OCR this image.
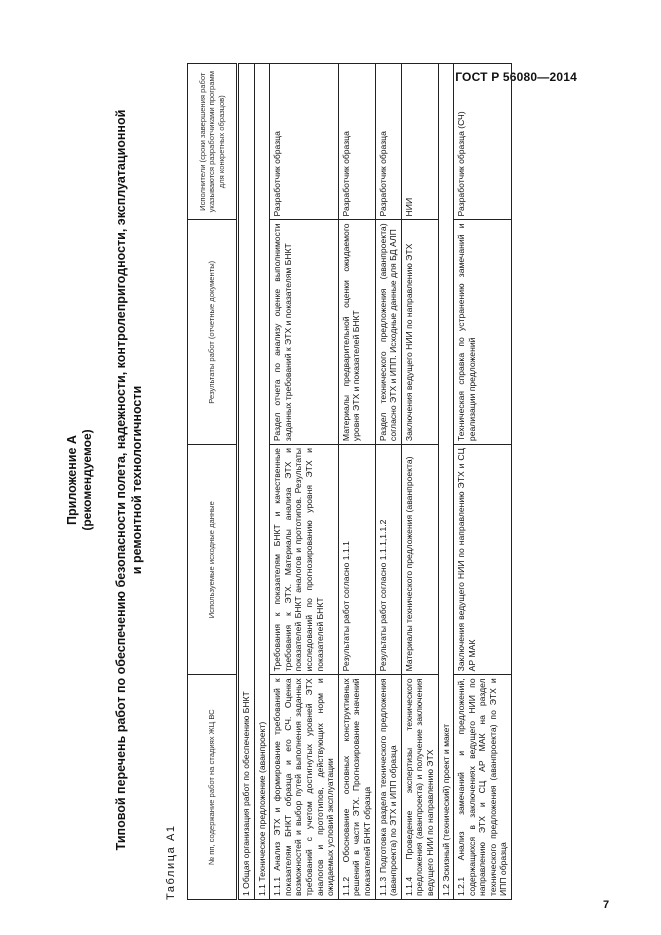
ГОСТ Р 56080—2014
Приложение А (рекомендуемое) Типовой перечень работ по обеспечению безопасности полета, надежности, контролепригодности, эксплуатационной и ремонтной технологичности
Таблица А1	№ пп, содержание работ на стадиях ЖЦ ВС	Используемые исходные данные	Результаты работ (отчетные документы)	Исполнители (сроки завершения работ указываются разработчиками программ для конкретных образцов)
1 Общая организация работ по обеспечению БНКТ			
1.1 Техническое предложение (аванпроект)			
1.1.1 Анализ ЭТХ и формирование требований к показателям БНКТ образца и его СЧ. Оценка возможностей и выбор путей выполнения заданных требований с учетом достигнутых уровней ЭТХ аналогов и прототипов, действующих норм и ожидаемых условий эксплуатации	Требования к показателям БНКТ и качественные требования к ЭТХ. Материалы анализа ЭТХ и показателей БНКТ аналогов и прототипов. Результаты исследований по прогнозированию уровня ЭТХ и показателей БНКТ	Раздел отчета по анализу оценке выполнимости заданных требований к ЭТХ и показателям БНКТ	Разработчик образца
1.1.2 Обоснование основных конструктивных решений в части ЭТХ. Прогнозирование значений показателей БНКТ образца	Результаты работ согласно 1.1.1	Материалы предварительной оценки ожидаемого уровня ЭТХ и показателей БНКТ	Разработчик образца
1.1.3 Подготовка раздела технического предложения (аванпроекта) по ЭТХ и ИПП образца	Результаты работ согласно 1.1.1,1.1.2	Раздел технического предложения (аванпроекта) согласно ЭТХ и ИПП. Исходные данные для БД АЛП	Разработчик образца
1.1.4 Проведение экспертизы технического предложения (аванпроекта) и получение заключения ведущего НИИ по направлению ЭТХ	Материалы технического предложения (аванпроекта)	Заключения ведущего НИИ по направлению ЭТХ	НИИ
1.2 Эскизный (технический) проект и макет			
1.2.1 Анализ замечаний и предложений, содержащихся в заключениях ведущего НИИ по направлению ЭТХ и СЦ АР МАК на раздел технического предложения (аванпроекта) по ЭТХ и ИПП образца	Заключения ведущего НИИ по направлению ЭТХ и СЦ АР МАК	Техническая справка по устранению замечаний и реализации предложений	Разработчик образца (СЧ)
7
